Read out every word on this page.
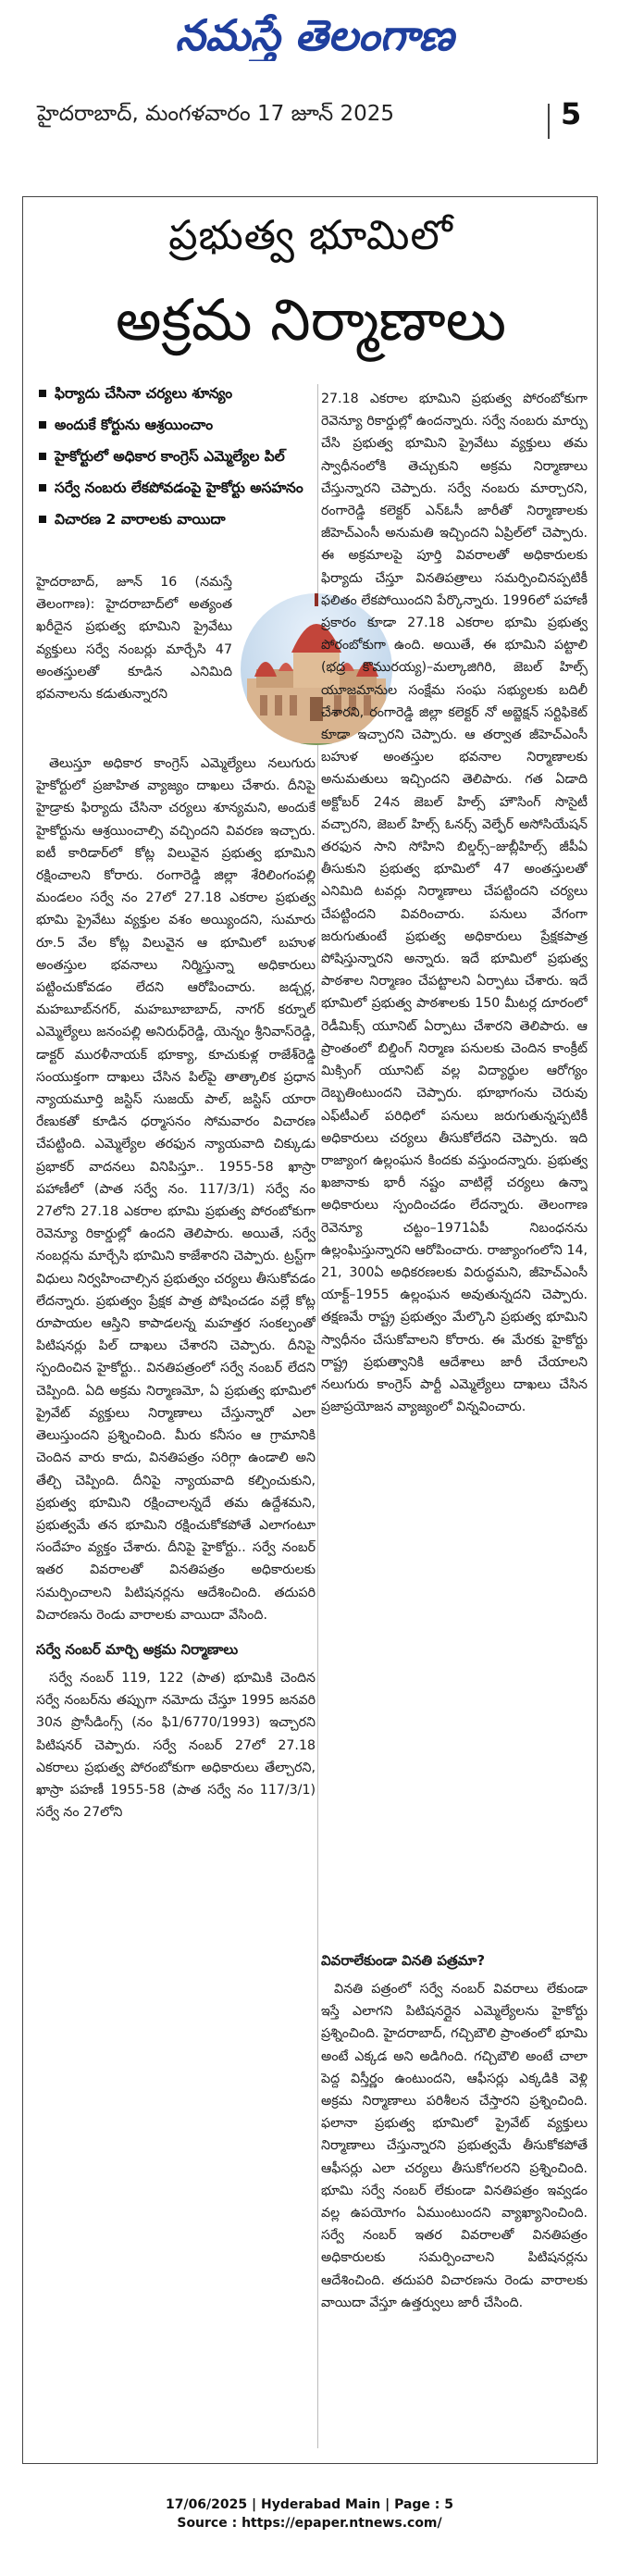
నమస్తే తెలంగాణ
హైదరాబాద్, మంగళవారం 17 జూన్ 2025	5
ప్రభుత్వ భూమిలో
అక్రమ నిర్మాణాలు
ఫిర్యాదు చేసినా చర్యలు శూన్యం
అందుకే కోర్టును ఆశ్రయించాం
హైకోర్టులో అధికార కాంగ్రెస్ ఎమ్మెల్యేల పిల్
సర్వే నంబరు లేకపోవడంపై హైకోర్టు అసహనం
విచారణ 2 వారాలకు వాయిదా

హైదరాబాద్, జూన్ 16 (నమస్తే తెలంగాణ): హైదరాబాద్‌లో అత్యంత ఖరీదైన ప్రభుత్వ భూమిని ప్రైవేటు వ్యక్తులు సర్వే నంబర్లు మార్చేసి 47 అంతస్తులతో కూడిన ఎనిమిది భవనాలను కడుతున్నారని

తెలుస్తూ అధికార కాంగ్రెస్ ఎమ్మెల్యేలు నలుగురు హైకోర్టులో ప్రజాహిత వ్యాజ్యం దాఖలు చేశారు. దీనిపై హైడ్రాకు ఫిర్యాదు చేసినా చర్యలు శూన్యమని, అందుకే హైకోర్టును ఆశ్రయించాల్సి వచ్చిందని వివరణ ఇచ్చారు. ఐటీ కారిడార్‌లో కోట్ల విలువైన ప్రభుత్వ భూమిని రక్షించాలని కోరారు. రంగారెడ్డి జిల్లా శేరిలింగంపల్లి మండలం సర్వే నం 27లో 27.18 ఎకరాల ప్రభుత్వ భూమి ప్రైవేటు వ్యక్తుల వశం అయ్యిందని, సుమారు రూ.5 వేల కోట్ల విలువైన ఆ భూమిలో బహుళ అంతస్తుల భవనాలు నిర్మిస్తున్నా అధికారులు పట్టించుకోవడం లేదని ఆరోపించారు. జడ్చర్ల, మహబూబ్‌నగర్, మహబూబాబాద్, నాగర్ కర్నూల్ ఎమ్మెల్యేలు జనంపల్లి అనిరుధ్‌రెడ్డి, యెన్నం శ్రీనివాస్‌రెడ్డి, డాక్టర్ మురళీనాయక్ భూక్యా, కూచుకుళ్ల రాజేశ్‌రెడ్డి సంయుక్తంగా దాఖలు చేసిన పిల్‌పై తాత్కాలిక ప్రధాన న్యాయమూర్తి జస్టిస్ సుజయ్ పాల్, జస్టిస్ యారా రేణుకతో కూడిన ధర్మాసనం సోమవారం విచారణ చేపట్టింది. ఎమ్మెల్యేల తరఫున న్యాయవాది చిక్కుడు ప్రభాకర్ వాదనలు వినిపిస్తూ.. 1955-58 ఖాస్రా పహాణీలో (పాత సర్వే నం. 117/3/1) సర్వే నం 27లోని 27.18 ఎకరాల భూమి ప్రభుత్వ పోరంబోకుగా రెవెన్యూ రికార్డుల్లో ఉందని తెలిపారు. అయితే, సర్వే నంబర్లను మార్చేసి భూమిని కాజేశారని చెప్పారు. ట్రస్ట్‌గా విధులు నిర్వహించాల్సిన ప్రభుత్వం చర్యలు తీసుకోవడం లేదన్నారు. ప్రభుత్వం ప్రేక్షక పాత్ర పోషించడం వల్లే కోట్ల రూపాయల ఆస్తిని కాపాడలన్న మహత్తర సంకల్పంతో పిటిషనర్లు పిల్ దాఖలు చేశారని చెప్పారు. దీనిపై స్పందించిన హైకోర్టు.. వినతిపత్రంలో సర్వే నంబర్ లేదని చెప్పింది. ఏది అక్రమ నిర్మాణమో, ఏ ప్రభుత్వ భూమిలో ప్రైవేట్ వ్యక్తులు నిర్మాణాలు చేస్తున్నారో ఎలా తెలుస్తుందని ప్రశ్నించింది. మీరు కనీసం ఆ గ్రామానికి చెందిన వారు కాదు, వినతిపత్రం సరిగ్గా ఉండాలి అని తేల్చి చెప్పింది. దీనిపై న్యాయవాది కల్పించుకుని, ప్రభుత్వ భూమిని రక్షించాలన్నదే తమ ఉద్దేశమని, ప్రభుత్వమే తన భూమిని రక్షించుకోకపోతే ఎలాగంటూ సందేహం వ్యక్తం చేశారు. దీనిపై హైకోర్టు.. సర్వే నంబర్ ఇతర వివరాలతో వినతిపత్రం అధికారులకు సమర్పించాలని పిటిషనర్లను ఆదేశించింది. తదుపరి విచారణను రెండు వారాలకు వాయిదా వేసింది.

సర్వే నంబర్ మార్చి అక్రమ నిర్మాణాలు

సర్వే నంబర్ 119, 122 (పాత) భూమికి చెందిన సర్వే నంబర్‌ను తప్పుగా నమోదు చేస్తూ 1995 జనవరి 30న ప్రొసీడింగ్స్ (నం ఫి1/6770/1993) ఇచ్చారని పిటిషనర్ చెప్పారు. సర్వే నంబర్ 27లో 27.18 ఎకరాలు ప్రభుత్వ పోరంబోకుగా అధికారులు తేల్చారని, ఖాస్రా పహణీ 1955-58 (పాత సర్వే నం 117/3/1) సర్వే నం 27లోని

27.18 ఎకరాల భూమిని ప్రభుత్వ పోరంబోకుగా రెవెన్యూ రికార్డుల్లో ఉందన్నారు. సర్వే నంబరు మార్పు చేసి ప్రభుత్వ భూమిని ప్రైవేటు వ్యక్తులు తమ స్వాధీనంలోకి తెచ్చుకుని అక్రమ నిర్మాణాలు చేస్తున్నారని చెప్పారు. సర్వే నంబరు మార్చారని, రంగారెడ్డి కలెక్టర్ ఎన్ఓసీ జారీతో నిర్మాణాలకు జీహెచ్ఎంసీ అనుమతి ఇచ్చిందని ఏప్రిల్‌లో చెప్పారు. ఈ అక్రమాలపై పూర్తి వివరాలతో అధికారులకు ఫిర్యాదు చేస్తూ వినతిపత్రాలు సమర్పించినప్పటికీ ఫలితం లేకపోయిందని పేర్కొన్నారు. 1996లో పహాణీ ప్రకారం కూడా 27.18 ఎకరాల భూమి ప్రభుత్వ పోరంబోకుగా ఉంది. అయితే, ఈ భూమిని పట్టాలి (భద్ర కొమురయ్య)–మల్కాజిగిరి, జెబల్ హిల్స్ యూజమానుల సంక్షేమ సంఘ సభ్యులకు బదిలీ చేశారని, రంగారెడ్డి జిల్లా కలెక్టర్ నో అబ్జెక్షన్ సర్టిఫికెట్ కూడా ఇచ్చారని చెప్పారు. ఆ తర్వాత జీహెచ్ఎంసీ బహుళ అంతస్తుల భవనాల నిర్మాణాలకు అనుమతులు ఇచ్చిందని తెలిపారు. గత ఏడాది అక్టోబర్ 24న జెబల్ హిల్స్ హౌసింగ్ సొసైటీ వచ్చారని, జెబల్ హిల్స్ ఓనర్స్ వెల్ఫేర్ అసోసియేషన్ తరఫున సాని సోహిని బిల్డర్స్‌–జుబ్లీహిల్స్ జీపీఏ తీసుకుని ప్రభుత్వ భూమిలో 47 అంతస్తులతో ఎనిమిది టవర్లు నిర్మాణాలు చేపట్టిందని చర్యలు చేపట్టిందని వివరించారు. పనులు వేగంగా జరుగుతుంటే ప్రభుత్వ అధికారులు ప్రేక్షకపాత్ర పోషిస్తున్నారని అన్నారు. ఇదే భూమిలో ప్రభుత్వ పాఠశాల నిర్మాణం చేపట్టాలని ఏర్పాటు చేశారు. ఇదే భూమిలో ప్రభుత్వ పాఠశాలకు 150 మీటర్ల దూరంలో రెడీమిక్స్ యూనిట్ ఏర్పాటు చేశారని తెలిపారు. ఆ ప్రాంతంలో బిల్డింగ్ నిర్మాణ పనులకు చెందిన కాంక్రీట్ మిక్సింగ్ యూనిట్ వల్ల విద్యార్థుల ఆరోగ్యం దెబ్బతింటుందని చెప్పారు. భూభాగంను చెరువు ఎఫ్‌టీఎల్ పరిధిలో పనులు జరుగుతున్నప్పటికీ అధికారులు చర్యలు తీసుకోలేదని చెప్పారు. ఇది రాజ్యాంగ ఉల్లంఘన కిందకు వస్తుందన్నారు. ప్రభుత్వ ఖజానాకు భారీ నష్టం వాటిల్లే చర్యలు ఉన్నా అధికారులు స్పందించడం లేదన్నారు. తెలంగాణ రెవెన్యూ చట్టం–1971ఏపీ నిబంధనను ఉల్లంఘిస్తున్నారని ఆరోపించారు. రాజ్యాంగంలోని 14, 21, 300ఏ అధికరణలకు విరుద్ధమని, జీహెచ్ఎంసీ యాక్ట్–1955 ఉల్లంఘన అవుతున్నదని చెప్పారు. తక్షణమే రాష్ట్ర ప్రభుత్వం మేల్కొని ప్రభుత్వ భూమిని స్వాధీనం చేసుకోవాలని కోరారు. ఈ మేరకు హైకోర్టు రాష్ట్ర ప్రభుత్వానికి ఆదేశాలు జారీ చేయాలని నలుగురు కాంగ్రెస్ పార్టీ ఎమ్మెల్యేలు దాఖలు చేసిన ప్రజాప్రయోజన వ్యాజ్యంలో విన్నవించారు.

వివరాలేకుండా వినతి పత్రమా?

వినతి పత్రంలో సర్వే నంబర్ వివరాలు లేకుండా ఇస్తే ఎలాగని పిటిషనర్లైన ఎమ్మెల్యేలను హైకోర్టు ప్రశ్నించింది. హైదరాబాద్, గచ్చిబౌలి ప్రాంతంలో భూమి అంటే ఎక్కడ అని అడిగింది. గచ్చిబౌలి అంటే చాలా పెద్ద విస్తీర్ణం ఉంటుందని, ఆఫీసర్లు ఎక్కడికి వెళ్లి అక్రమ నిర్మాణాలు పరిశీలన చేస్తారని ప్రశ్నించింది. ఫలానా ప్రభుత్వ భూమిలో ప్రైవేట్ వ్యక్తులు నిర్మాణాలు చేస్తున్నారని ప్రభుత్వమే తీసుకోకపోతే ఆఫీసర్లు ఎలా చర్యలు తీసుకోగలరని ప్రశ్నించింది. భూమి సర్వే నంబర్ లేకుండా వినతిపత్రం ఇవ్వడం వల్ల ఉపయోగం ఏముంటుందని వ్యాఖ్యానించింది. సర్వే నంబర్ ఇతర వివరాలతో వినతిపత్రం అధికారులకు సమర్పించాలని పిటిషనర్లను ఆదేశించింది. తదుపరి విచారణను రెండు వారాలకు వాయిదా వేస్తూ ఉత్తర్వులు జారీ చేసింది.

17/06/2025 | Hyderabad Main | Page : 5
Source : https://epaper.ntnews.com/
